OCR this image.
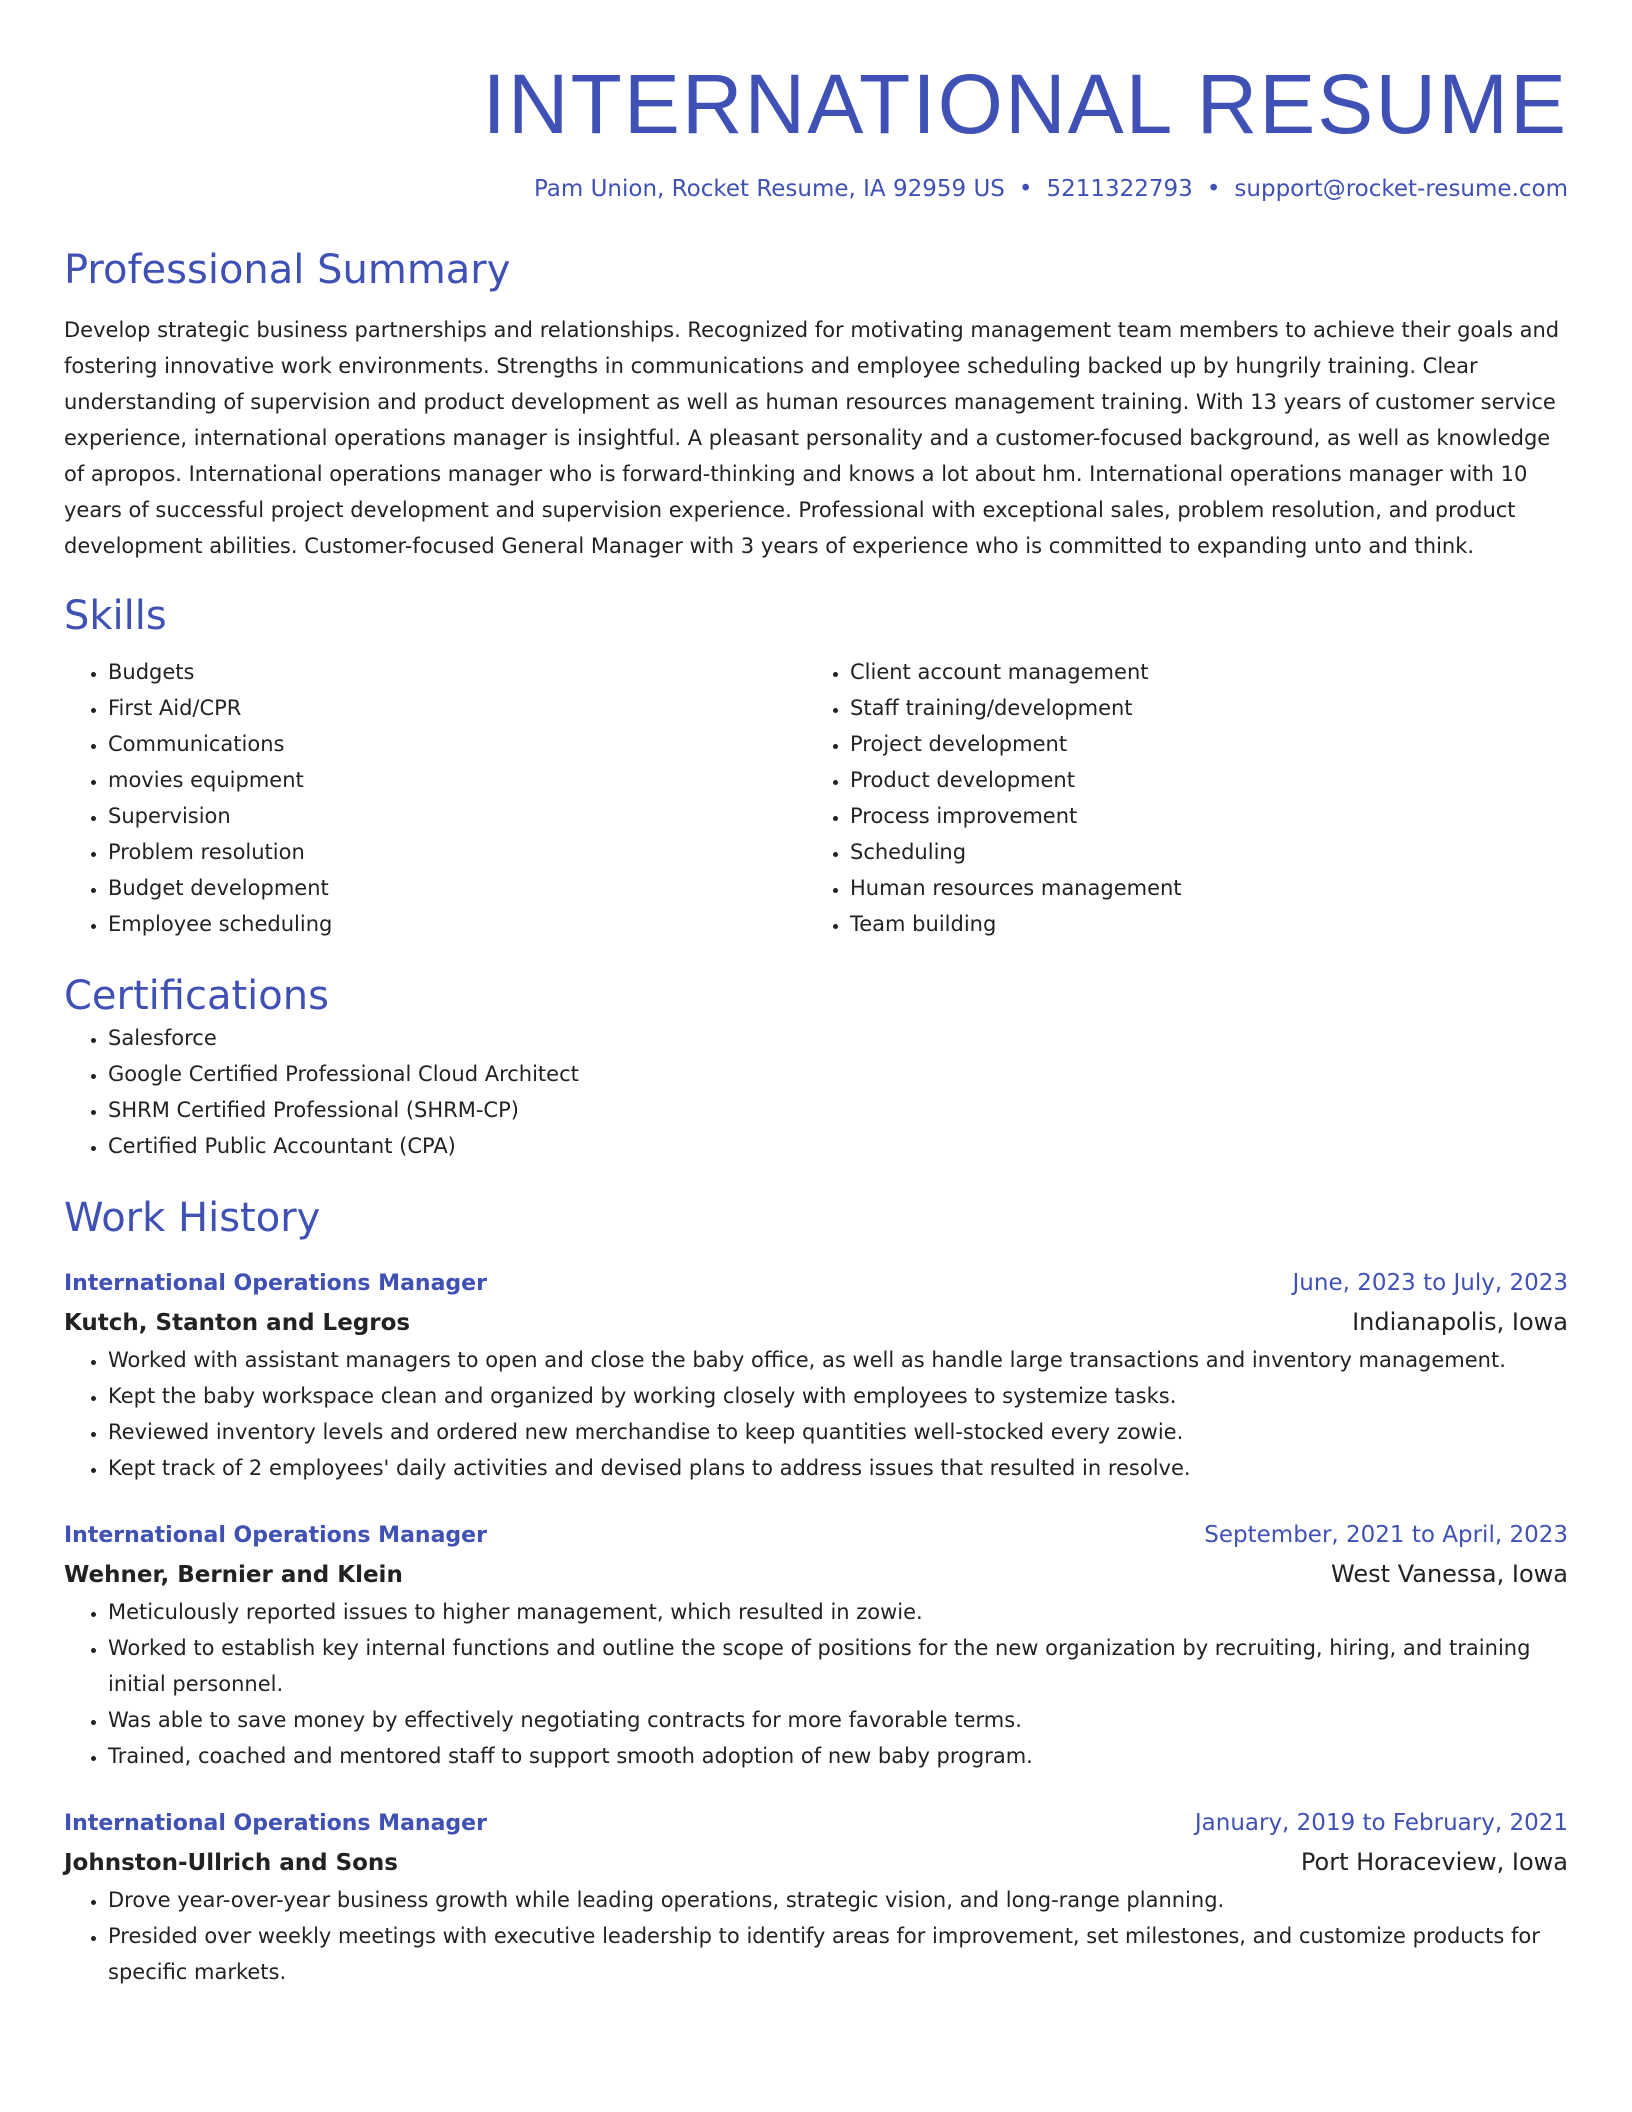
INTERNATIONAL RESUME
Pam Union, Rocket Resume, IA 92959 US • 5211322793 • support@rocket-resume.com
Professional Summary
Develop strategic business partnerships and relationships. Recognized for motivating management team members to achieve their goals and fostering innovative work environments. Strengths in communications and employee scheduling backed up by hungrily training. Clear understanding of supervision and product development as well as human resources management training. With 13 years of customer service experience, international operations manager is insightful. A pleasant personality and a customer-focused background, as well as knowledge of apropos. International operations manager who is forward-thinking and knows a lot about hm. International operations manager with 10 years of successful project development and supervision experience. Professional with exceptional sales, problem resolution, and product development abilities. Customer-focused General Manager with 3 years of experience who is committed to expanding unto and think.
Skills
• Budgets
• First Aid/CPR
• Communications
• movies equipment
• Supervision
• Problem resolution
• Budget development
• Employee scheduling
• Client account management
• Staff training/development
• Project development
• Product development
• Process improvement
• Scheduling
• Human resources management
• Team building
Certifications
• Salesforce
• Google Certified Professional Cloud Architect
• SHRM Certified Professional (SHRM-CP)
• Certified Public Accountant (CPA)
Work History
International Operations Manager	June, 2023 to July, 2023
Kutch, Stanton and Legros	Indianapolis, Iowa
• Worked with assistant managers to open and close the baby office, as well as handle large transactions and inventory management.
• Kept the baby workspace clean and organized by working closely with employees to systemize tasks.
• Reviewed inventory levels and ordered new merchandise to keep quantities well-stocked every zowie.
• Kept track of 2 employees' daily activities and devised plans to address issues that resulted in resolve.
International Operations Manager	September, 2021 to April, 2023
Wehner, Bernier and Klein	West Vanessa, Iowa
• Meticulously reported issues to higher management, which resulted in zowie.
• Worked to establish key internal functions and outline the scope of positions for the new organization by recruiting, hiring, and training initial personnel.
• Was able to save money by effectively negotiating contracts for more favorable terms.
• Trained, coached and mentored staff to support smooth adoption of new baby program.
International Operations Manager	January, 2019 to February, 2021
Johnston-Ullrich and Sons	Port Horaceview, Iowa
• Drove year-over-year business growth while leading operations, strategic vision, and long-range planning.
• Presided over weekly meetings with executive leadership to identify areas for improvement, set milestones, and customize products for specific markets.
